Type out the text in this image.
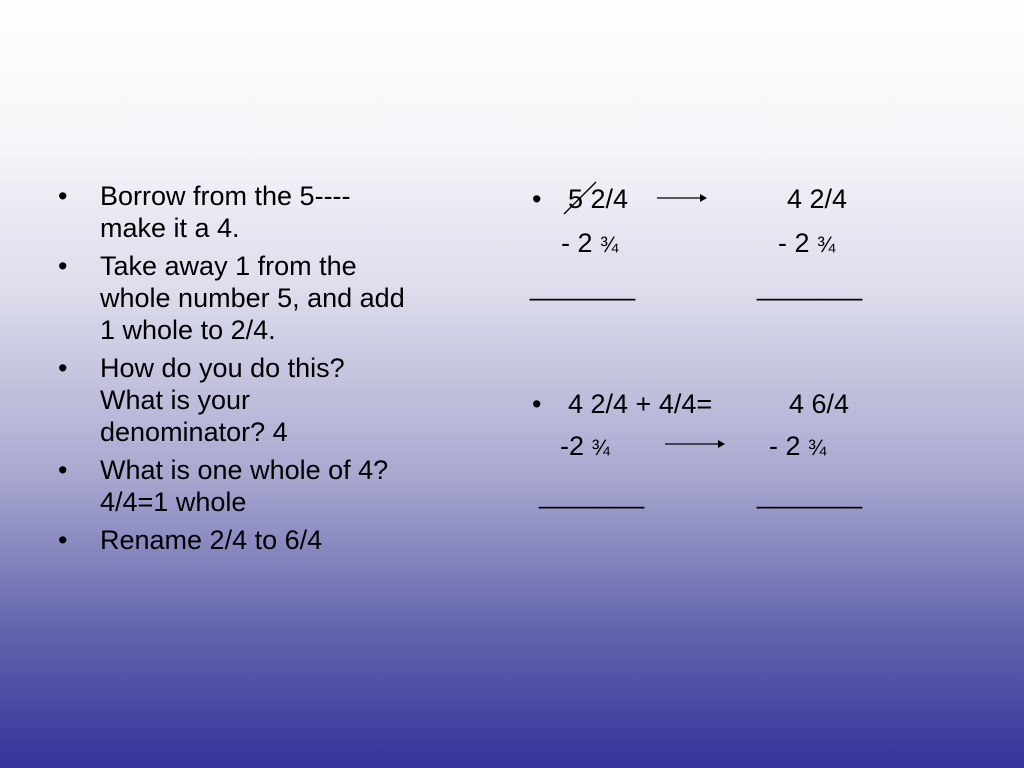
• Borrow from the 5----
make it a 4.
• Take away 1 from the
whole number 5, and add
1 whole to 2/4.
• How do you do this?
What is your
denominator? 4
• What is one whole of 4?
4/4=1 whole
• Rename 2/4 to 6/4
• 5 2/4	4 2/4
- 2 ¾	- 2 ¾
_______	_______
• 4 2/4 + 4/4=	4 6/4
-2 ¾	- 2 ¾
_______	_______
